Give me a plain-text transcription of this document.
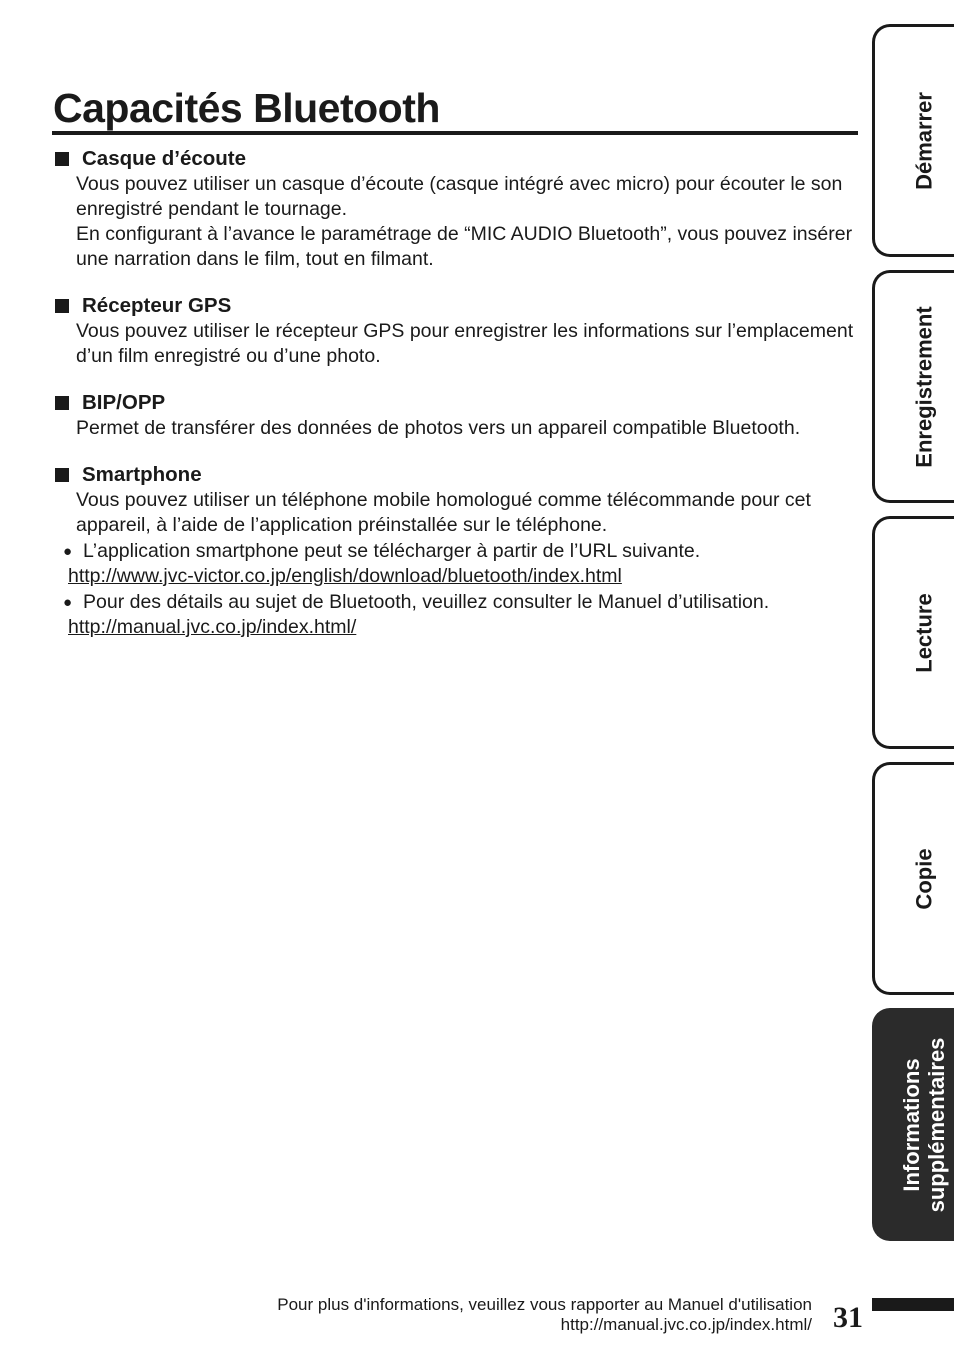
Capacités Bluetooth
Casque d’écoute

Vous pouvez utiliser un casque d’écoute (casque intégré avec micro) pour écouter le son enregistré pendant le tournage.

En configurant à l’avance le paramétrage de “MIC AUDIO Bluetooth”, vous pouvez insérer une narration dans le film, tout en filmant.

Récepteur GPS

Vous pouvez utiliser le récepteur GPS pour enregistrer les informations sur l’emplacement d’un film enregistré ou d’une photo.

BIP/OPP

Permet de transférer des données de photos vers un appareil compatible Bluetooth.

Smartphone

Vous pouvez utiliser un téléphone mobile homologué comme télécommande pour cet appareil, à l’aide de l’application préinstallée sur le téléphone.

● L’application smartphone peut se télécharger à partir de l’URL suivante.
http://www.jvc-victor.co.jp/english/download/bluetooth/index.html
● Pour des détails au sujet de Bluetooth, veuillez consulter le Manuel d’utilisation.
http://manual.jvc.co.jp/index.html/
Démarrer
Enregistrement
Lecture
Copie
Informations
supplémentaires
Pour plus d'informations, veuillez vous rapporter au Manuel d'utilisation
http://manual.jvc.co.jp/index.html/ 31
